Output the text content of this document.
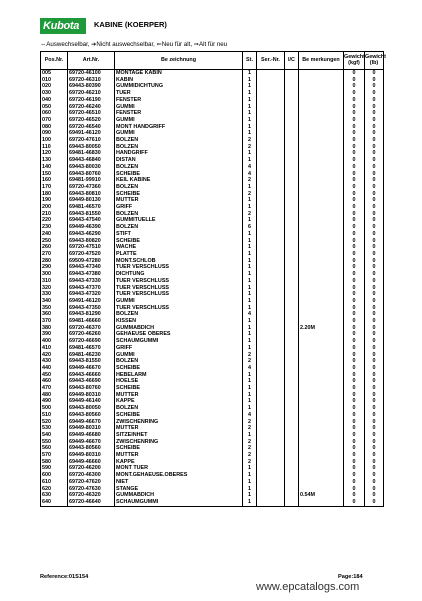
Kubota	KABINE (KOERPER)
⇔Auswechselbar, ➔Nicht auswechselbar, ⇐Neu für alt, ⇒Alt für neu
Pos.Nr.	Art.Nr.	Be zeichnung	St.	Ser.-Nr.	I/C	Be merkungen	Gewicht (kgf)	Gewicht (lb)
005	69720-46100	MONTAGE KABIN	1				0	0
010	69720-46310	KABIN	1				0	0
020	69443-80390	GUMMIDICHTUNG	1				0	0
030	69720-46210	TUER	1				0	0
040	69720-46190	FENSTER	1				0	0
050	69720-46240	GUMMI	1				0	0
060	69720-46510	FENSTER	1				0	0
070	69720-46520	GUMMI	1				0	0
080	69720-46540	MONT HANDGRIFF	1				0	0
090	69491-46120	GUMMI	1				0	0
100	69720-47610	BOLZEN	2				0	0
110	69443-80050	BOLZEN	2				0	0
120	69481-46830	HANDGRIFF	1				0	0
130	69443-46840	DISTAN	1				0	0
140	69443-80030	BOLZEN	4				0	0
150	69443-80760	SCHEIBE	4				0	0
160	69481-99910	KEIL KABINE	2				0	0
170	69720-47360	BOLZEN	1				0	0
180	69443-80810	SCHEIBE	2				0	0
190	69449-80130	MUTTER	1				0	0
200	69481-46570	GRIFF	1				0	0
210	69443-81550	BOLZEN	2				0	0
220	69443-47540	GUMMITUELLE	1				0	0
230	69449-46390	BOLZEN	6				0	0
240	69443-46290	STIFT	1				0	0
250	69443-80820	SCHEIBE	1				0	0
260	69720-47510	WACHE	1				0	0
270	69720-47520	PLATTE	1				0	0
280	69509-47280	MONT.SCHLOB	1				0	0
290	69443-47340	TUER VERSCHLUSS	1				0	0
300	69443-47380	DICHTUNG	1				0	0
310	69443-47330	TUER VERSCHLUSS	1				0	0
320	69443-47370	TUER VERSCHLUSS	1				0	0
330	69443-47320	TUER VERSCHLUSS	1				0	0
340	69491-46120	GUMMI	1				0	0
350	69443-47350	TUER VERSCHLUSS	1				0	0
360	69443-81290	BOLZEN	4				0	0
370	69481-46660	KISSEN	1				0	0
380	69720-46370	GUMMABDICH	1			2.20M	0	0
390	69720-46260	GEHAEUSE OBERES	1				0	0
400	69720-46690	SCHAUMGUMMI	1				0	0
410	69481-46570	GRIFF	1				0	0
420	69481-46230	GUMMI	2				0	0
430	69443-81550	BOLZEN	2				0	0
440	69449-46670	SCHEIBE	4				0	0
450	69443-46660	HEBELARM	1				0	0
460	69443-46690	HOELSE	1				0	0
470	69443-80760	SCHEIBE	1				0	0
480	69449-80310	MUTTER	1				0	0
490	69449-46140	KAPPE	1				0	0
500	69443-80050	BOLZEN	1				0	0
510	69443-80560	SCHEIBE	4				0	0
520	69449-46670	ZWISCHENRING	2				0	0
530	69449-80310	MUTTER	2				0	0
540	69449-46680	SITZEINHET	1				0	0
550	69449-46670	ZWISCHENRING	2				0	0
560	69443-80560	SCHEIBE	2				0	0
570	69449-80310	MUTTER	2				0	0
580	69449-46660	KAPPE	2				0	0
590	69720-46200	MONT TUER	1				0	0
600	69720-46300	MONT.GEHAEUSE.OBERES	1				0	0
610	69720-47620	NIET	1				0	0
620	69720-47630	STANGE	1				0	0
630	69720-46320	GUMMABDICH	1			0.54M	0	0
640	69720-46640	SCHAUMGUMMI	1				0	0
Reference:01S154	Page:184
www.epcatalogs.com
